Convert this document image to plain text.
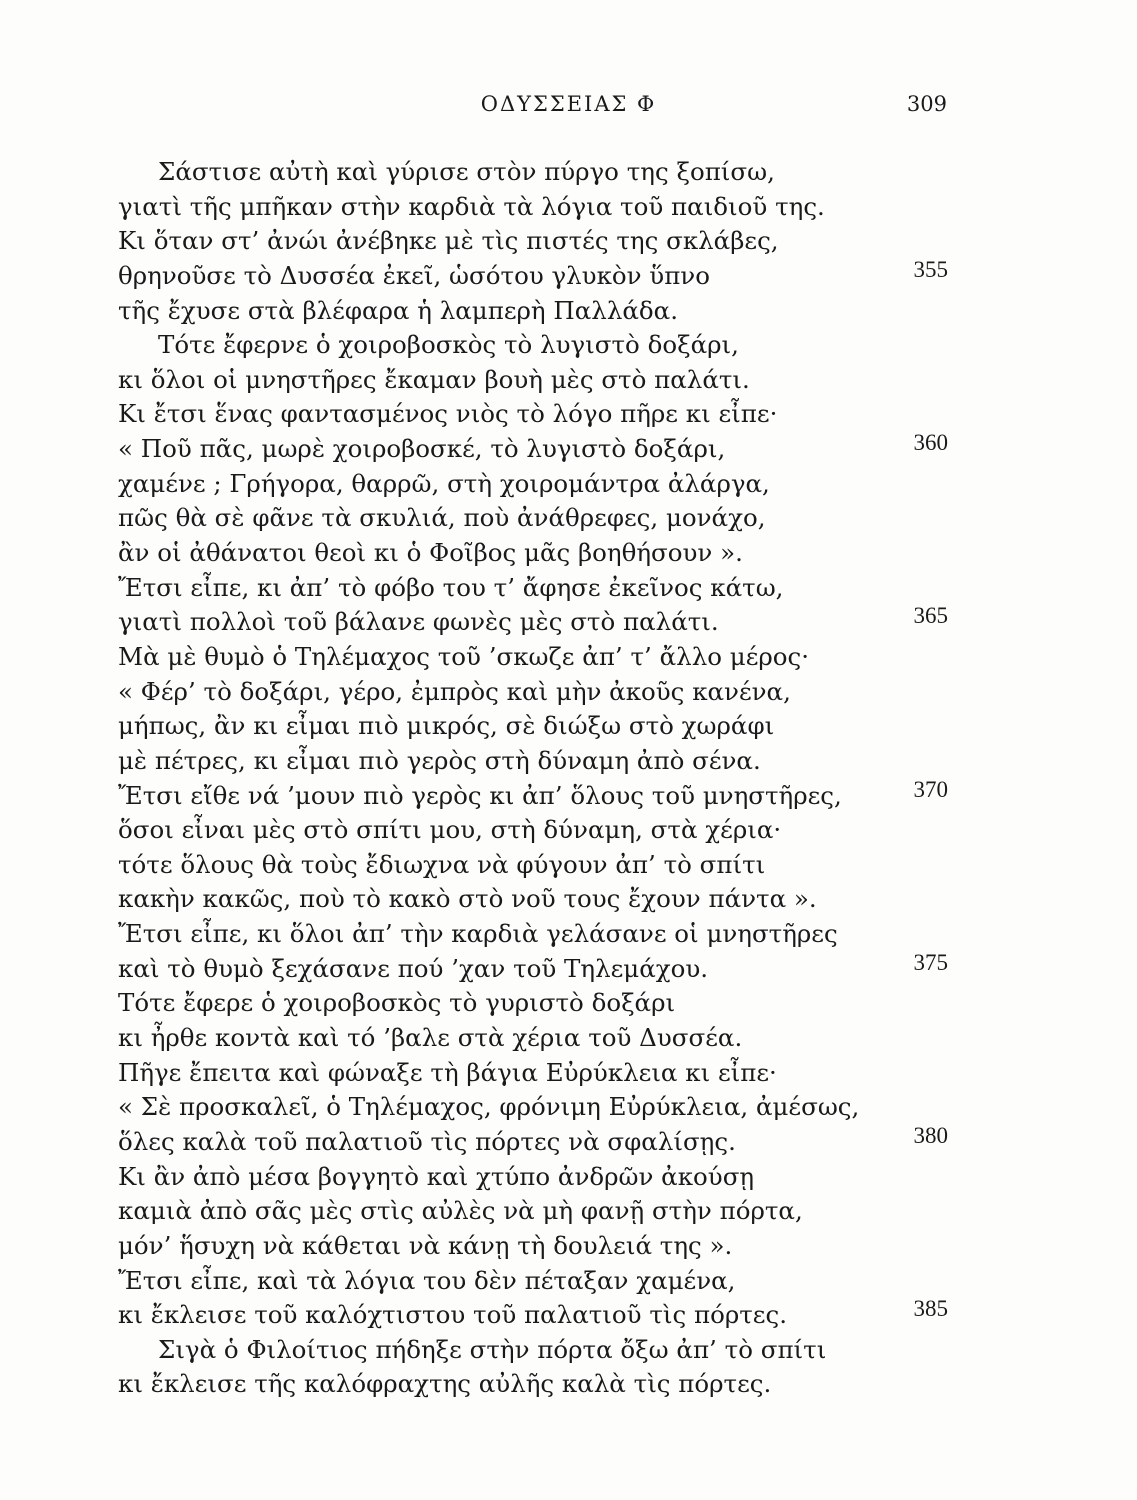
ΟΔΥΣΣΕΙΑΣ Φ	309
Σάστισε αὐτὴ καὶ γύρισε στὸν πύργο της ξοπίσω,
γιατὶ τῆς μπῆκαν στὴν καρδιὰ τὰ λόγια τοῦ παιδιοῦ της.
Κι ὅταν στ’ ἀνώι ἀνέβηκε μὲ τὶς πιστές της σκλάβες,
θρηνοῦσε τὸ Δυσσέα ἐκεῖ, ὡσότου γλυκὸν ὕπνο	355
τῆς ἔχυσε στὰ βλέφαρα ἡ λαμπερὴ Παλλάδα.
Τότε ἔφερνε ὁ χοιροβοσκὸς τὸ λυγιστὸ δοξάρι,
κι ὅλοι οἱ μνηστῆρες ἔκαμαν βουὴ μὲς στὸ παλάτι.
Κι ἔτσι ἕνας φαντασμένος νιὸς τὸ λόγο πῆρε κι εἶπε·
« Ποῦ πᾶς, μωρὲ χοιροβοσκέ, τὸ λυγιστὸ δοξάρι,	360
χαμένε ; Γρήγορα, θαρρῶ, στὴ χοιρομάντρα ἀλάργα,
πῶς θὰ σὲ φᾶνε τὰ σκυλιά, ποὺ ἀνάθρεφες, μονάχο,
ἂν οἱ ἀθάνατοι θεοὶ κι ὁ Φοῖβος μᾶς βοηθήσουν ».
Ἔτσι εἶπε, κι ἀπ’ τὸ φόβο του τ’ ἄφησε ἐκεῖνος κάτω,
γιατὶ πολλοὶ τοῦ βάλανε φωνὲς μὲς στὸ παλάτι.	365
Μὰ μὲ θυμὸ ὁ Τηλέμαχος τοῦ ’σκωζε ἀπ’ τ’ ἄλλο μέρος·
« Φέρ’ τὸ δοξάρι, γέρο, ἐμπρὸς καὶ μὴν ἀκοῦς κανένα,
μήπως, ἂν κι εἶμαι πιὸ μικρός, σὲ διώξω στὸ χωράφι
μὲ πέτρες, κι εἶμαι πιὸ γερὸς στὴ δύναμη ἀπὸ σένα.
Ἔτσι εἴθε νά ’μουν πιὸ γερὸς κι ἀπ’ ὅλους τοῦ μνηστῆρες,	370
ὅσοι εἶναι μὲς στὸ σπίτι μου, στὴ δύναμη, στὰ χέρια·
τότε ὅλους θὰ τοὺς ἔδιωχνα νὰ φύγουν ἀπ’ τὸ σπίτι
κακὴν κακῶς, ποὺ τὸ κακὸ στὸ νοῦ τους ἔχουν πάντα ».
Ἔτσι εἶπε, κι ὅλοι ἀπ’ τὴν καρδιὰ γελάσανε οἱ μνηστῆρες
καὶ τὸ θυμὸ ξεχάσανε πού ’χαν τοῦ Τηλεμάχου.	375
Τότε ἔφερε ὁ χοιροβοσκὸς τὸ γυριστὸ δοξάρι
κι ἦρθε κοντὰ καὶ τό ’βαλε στὰ χέρια τοῦ Δυσσέα.
Πῆγε ἔπειτα καὶ φώναξε τὴ βάγια Εὐρύκλεια κι εἶπε·
« Σὲ προσκαλεῖ, ὁ Τηλέμαχος, φρόνιμη Εὐρύκλεια, ἀμέσως,
ὅλες καλὰ τοῦ παλατιοῦ τὶς πόρτες νὰ σφαλίσῃς.	380
Κι ἂν ἀπὸ μέσα βογγητὸ καὶ χτύπο ἀνδρῶν ἀκούσῃ
καμιὰ ἀπὸ σᾶς μὲς στὶς αὐλὲς νὰ μὴ φανῇ στὴν πόρτα,
μόν’ ἥσυχη νὰ κάθεται νὰ κάνῃ τὴ δουλειά της ».
Ἔτσι εἶπε, καὶ τὰ λόγια του δὲν πέταξαν χαμένα,
κι ἔκλεισε τοῦ καλόχτιστου τοῦ παλατιοῦ τὶς πόρτες.	385
Σιγὰ ὁ Φιλοίτιος πήδηξε στὴν πόρτα ὄξω ἀπ’ τὸ σπίτι
κι ἔκλεισε τῆς καλόφραχτης αὐλῆς καλὰ τὶς πόρτες.
